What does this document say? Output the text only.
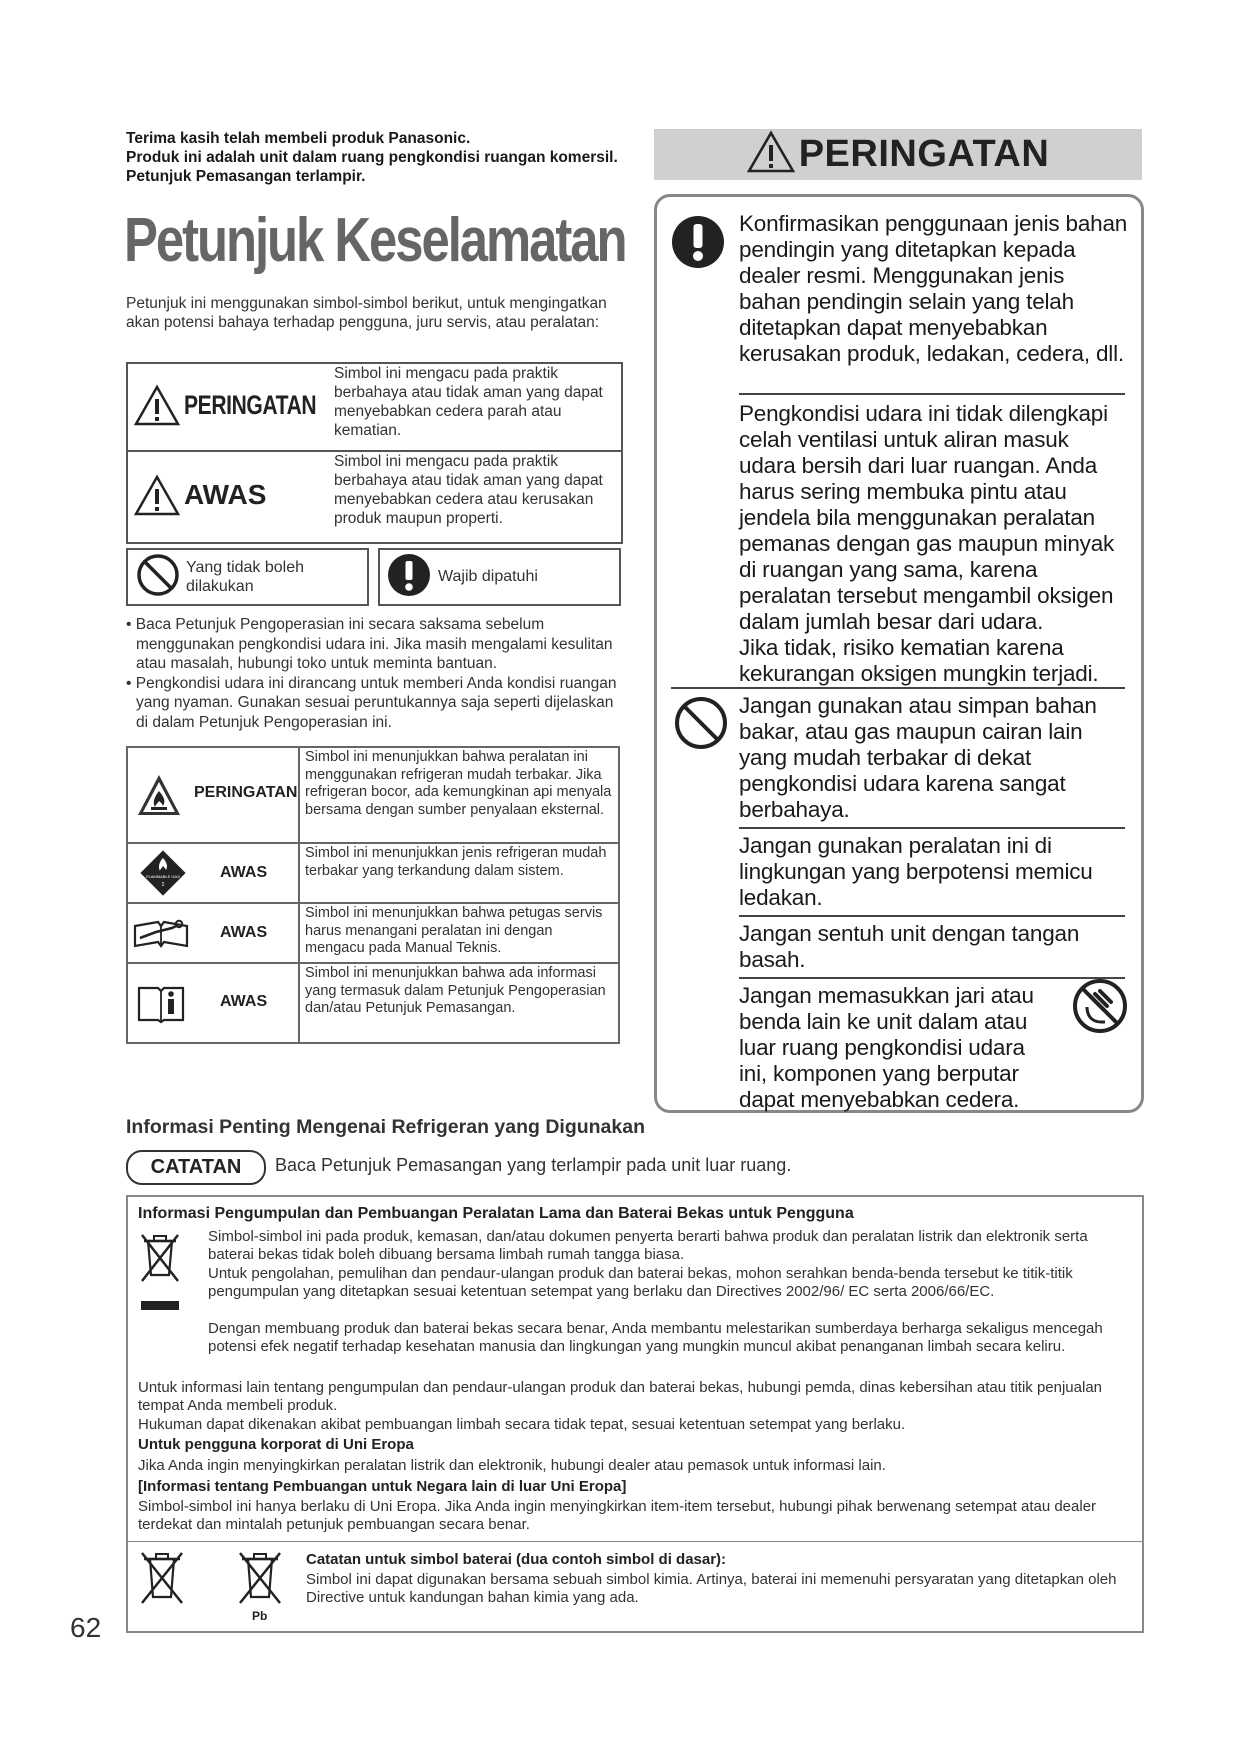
Terima kasih telah membeli produk Panasonic.
Produk ini adalah unit dalam ruang pengkondisi ruangan komersil.
Petunjuk Pemasangan terlampir.
Petunjuk Keselamatan
Petunjuk ini menggunakan simbol-simbol berikut, untuk mengingatkan akan potensi bahaya terhadap pengguna, juru servis, atau peralatan:
PERINGATAN
Simbol ini mengacu pada praktik berbahaya atau tidak aman yang dapat menyebabkan cedera parah atau kematian.
AWAS
Simbol ini mengacu pada praktik berbahaya atau tidak aman yang dapat menyebabkan cedera atau kerusakan produk maupun properti.
Yang tidak boleh dilakukan
Wajib dipatuhi
• Baca Petunjuk Pengoperasian ini secara saksama sebelum menggunakan pengkondisi udara ini. Jika masih mengalami kesulitan atau masalah, hubungi toko untuk meminta bantuan.
• Pengkondisi udara ini dirancang untuk memberi Anda kondisi ruangan yang nyaman. Gunakan sesuai peruntukannya saja seperti dijelaskan di dalam Petunjuk Pengoperasian ini.
PERINGATAN
Simbol ini menunjukkan bahwa peralatan ini menggunakan refrigeran mudah terbakar. Jika refrigeran bocor, ada kemungkinan api menyala bersama dengan sumber penyalaan eksternal.
FLAMMABLE GAS
2
AWAS
Simbol ini menunjukkan jenis refrigeran mudah terbakar yang terkandung dalam sistem.
AWAS
Simbol ini menunjukkan bahwa petugas servis harus menangani peralatan ini dengan mengacu pada Manual Teknis.
AWAS
Simbol ini menunjukkan bahwa ada informasi yang termasuk dalam Petunjuk Pengoperasian dan/atau Petunjuk Pemasangan.
PERINGATAN
Konfirmasikan penggunaan jenis bahan pendingin yang ditetapkan kepada dealer resmi. Menggunakan jenis bahan pendingin selain yang telah ditetapkan dapat menyebabkan kerusakan produk, ledakan, cedera, dll.
Pengkondisi udara ini tidak dilengkapi celah ventilasi untuk aliran masuk udara bersih dari luar ruangan. Anda harus sering membuka pintu atau jendela bila menggunakan peralatan pemanas dengan gas maupun minyak di ruangan yang sama, karena peralatan tersebut mengambil oksigen dalam jumlah besar dari udara.
Jika tidak, risiko kematian karena kekurangan oksigen mungkin terjadi.
Jangan gunakan atau simpan bahan bakar, atau gas maupun cairan lain yang mudah terbakar di dekat pengkondisi udara karena sangat berbahaya.
Jangan gunakan peralatan ini di lingkungan yang berpotensi memicu ledakan.
Jangan sentuh unit dengan tangan basah.
Jangan memasukkan jari atau benda lain ke unit dalam atau luar ruang pengkondisi udara ini, komponen yang berputar dapat menyebabkan cedera.
Informasi Penting Mengenai Refrigeran yang Digunakan
CATATAN	Baca Petunjuk Pemasangan yang terlampir pada unit luar ruang.
Informasi Pengumpulan dan Pembuangan Peralatan Lama dan Baterai Bekas untuk Pengguna
Simbol-simbol ini pada produk, kemasan, dan/atau dokumen penyerta berarti bahwa produk dan peralatan listrik dan elektronik serta baterai bekas tidak boleh dibuang bersama limbah rumah tangga biasa.
Untuk pengolahan, pemulihan dan pendaur-ulangan produk dan baterai bekas, mohon serahkan benda-benda tersebut ke titik-titik pengumpulan yang ditetapkan sesuai ketentuan setempat yang berlaku dan Directives 2002/96/ EC serta 2006/66/EC.
Dengan membuang produk dan baterai bekas secara benar, Anda membantu melestarikan sumberdaya berharga sekaligus mencegah potensi efek negatif terhadap kesehatan manusia dan lingkungan yang mungkin muncul akibat penanganan limbah secara keliru.
Untuk informasi lain tentang pengumpulan dan pendaur-ulangan produk dan baterai bekas, hubungi pemda, dinas kebersihan atau titik penjualan tempat Anda membeli produk.
Hukuman dapat dikenakan akibat pembuangan limbah secara tidak tepat, sesuai ketentuan setempat yang berlaku.
Untuk pengguna korporat di Uni Eropa
Jika Anda ingin menyingkirkan peralatan listrik dan elektronik, hubungi dealer atau pemasok untuk informasi lain.
[Informasi tentang Pembuangan untuk Negara lain di luar Uni Eropa]
Simbol-simbol ini hanya berlaku di Uni Eropa. Jika Anda ingin menyingkirkan item-item tersebut, hubungi pihak berwenang setempat atau dealer terdekat dan mintalah petunjuk pembuangan secara benar.
Pb
Catatan untuk simbol baterai (dua contoh simbol di dasar):
Simbol ini dapat digunakan bersama sebuah simbol kimia. Artinya, baterai ini memenuhi persyaratan yang ditetapkan oleh Directive untuk kandungan bahan kimia yang ada.
62
